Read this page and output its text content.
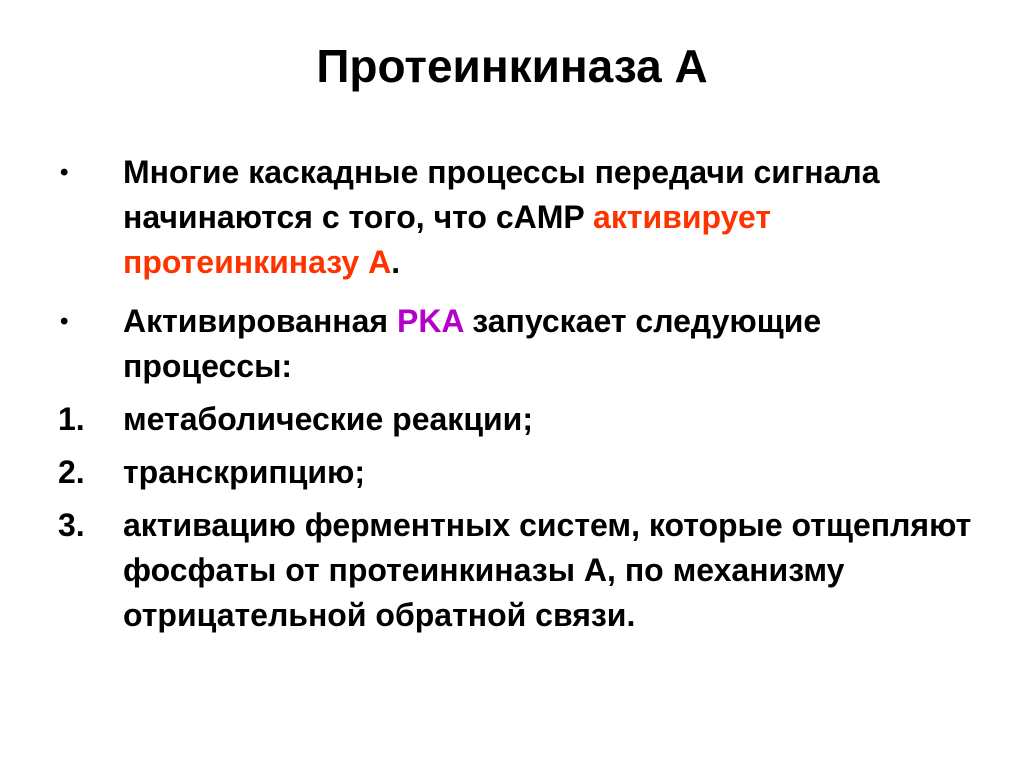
Протеинкиназа А
•	Многие каскадные процессы передачи сигнала начинаются с того, что cAMP активирует протеинкиназу А.
•	Активированная PKA запускает следующие процессы:
1.	метаболические реакции;
2.	транскрипцию;
3.	активацию ферментных систем, которые отщепляют фосфаты от протеинкиназы А, по механизму отрицательной обратной связи.
